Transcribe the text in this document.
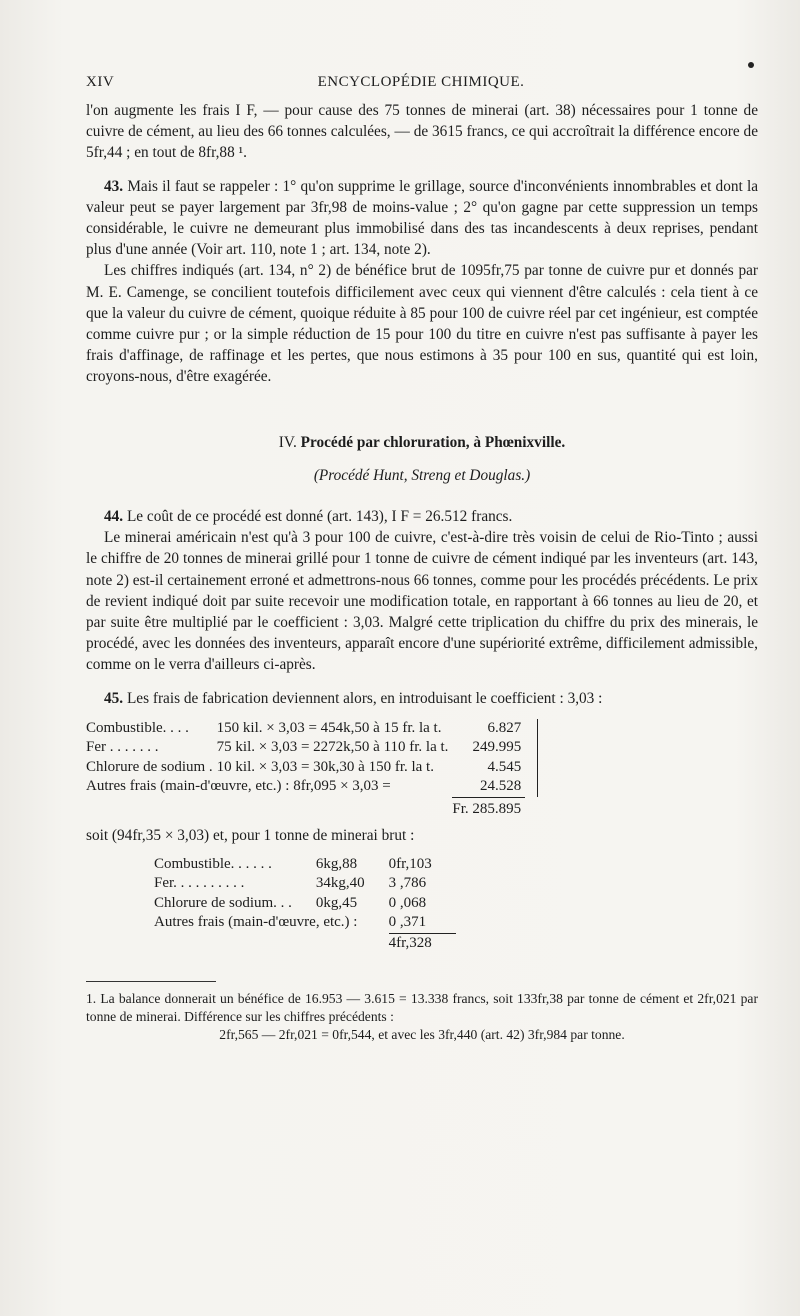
XIV	ENCYCLOPÉDIE CHIMIQUE.

l'on augmente les frais I F, — pour cause des 75 tonnes de minerai (art. 38) nécessaires pour 1 tonne de cuivre de cément, au lieu des 66 tonnes calculées, — de 3615 francs, ce qui accroîtrait la différence encore de 5fr,44 ; en tout de 8fr,88 ¹.

43. Mais il faut se rappeler : 1° qu'on supprime le grillage, source d'inconvénients innombrables et dont la valeur peut se payer largement par 3fr,98 de moins-value ; 2° qu'on gagne par cette suppression un temps considérable, le cuivre ne demeurant plus immobilisé dans des tas incandescents à deux reprises, pendant plus d'une année (Voir art. 110, note 1 ; art. 134, note 2).

Les chiffres indiqués (art. 134, n° 2) de bénéfice brut de 1095fr,75 par tonne de cuivre pur et donnés par M. E. Camenge, se concilient toutefois difficilement avec ceux qui viennent d'être calculés : cela tient à ce que la valeur du cuivre de cément, quoique réduite à 85 pour 100 de cuivre réel par cet ingénieur, est comptée comme cuivre pur ; or la simple réduction de 15 pour 100 du titre en cuivre n'est pas suffisante à payer les frais d'affinage, de raffinage et les pertes, que nous estimons à 35 pour 100 en sus, quantité qui est loin, croyons-nous, d'être exagérée.

IV. Procédé par chloruration, à Phœnixville.
(Procédé Hunt, Streng et Douglas.)

44. Le coût de ce procédé est donné (art. 143), I F = 26.512 francs.

Le minerai américain n'est qu'à 3 pour 100 de cuivre, c'est-à-dire très voisin de celui de Rio-Tinto ; aussi le chiffre de 20 tonnes de minerai grillé pour 1 tonne de cuivre de cément indiqué par les inventeurs (art. 143, note 2) est-il certainement erroné et admettrons-nous 66 tonnes, comme pour les procédés précédents. Le prix de revient indiqué doit par suite recevoir une modification totale, en rapportant à 66 tonnes au lieu de 20, et par suite être multiplié par le coefficient : 3,03. Malgré cette triplication du chiffre du prix des minerais, le procédé, avec les données des inventeurs, apparaît encore d'une supériorité extrême, difficilement admissible, comme on le verra d'ailleurs ci-après.

45. Les frais de fabrication deviennent alors, en introduisant le coefficient : 3,03 :

Combustible. . . .	150 kil. × 3,03 = 454k,50 à 15 fr. la t.	6.827	
Fer . . . . . . .	75 kil. × 3,03 = 2272k,50 à 110 fr. la t.	249.995	
Chlorure de sodium .	10 kil. × 3,03 = 30k,30 à 150 fr. la t.	4.545	
Autres frais (main-d'œuvre, etc.) : 8fr,095 × 3,03 =		24.528	
		Fr. 285.895	

soit (94fr,35 × 3,03) et, pour 1 tonne de minerai brut :

Combustible. . . . . .	6kg,88	0fr,103
Fer. . . . . . . . . .	34kg,40	3 ,786
Chlorure de sodium. . .	0kg,45	0 ,068
Autres frais (main-d'œuvre, etc.) :		0 ,371
		4fr,328

1. La balance donnerait un bénéfice de 16.953 — 3.615 = 13.338 francs, soit 133fr,38 par tonne de cément et 2fr,021 par tonne de minerai. Différence sur les chiffres précédents :

2fr,565 — 2fr,021 = 0fr,544, et avec les 3fr,440 (art. 42) 3fr,984 par tonne.
